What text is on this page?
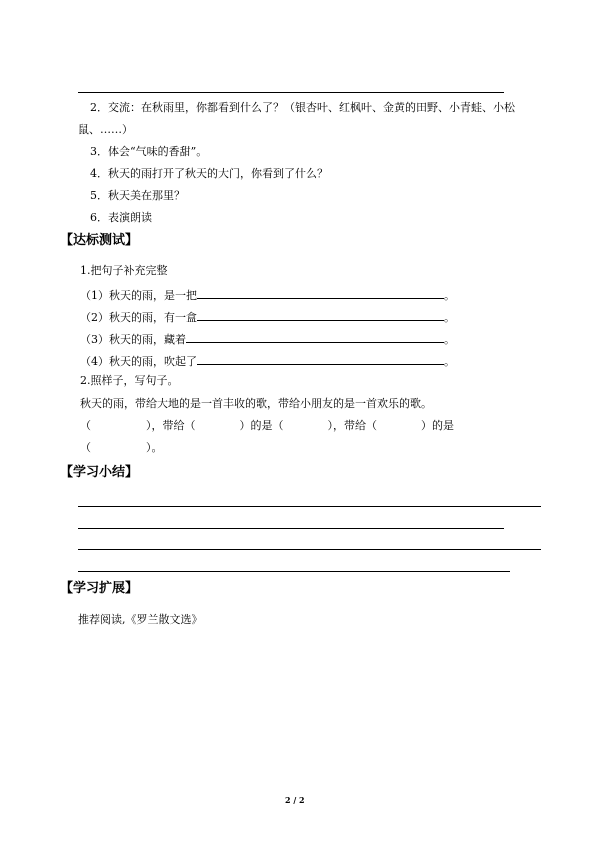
2．交流：在秋雨里，你都看到什么了？（银杏叶、红枫叶、金黄的田野、小青蛙、小松
鼠、……）
3．体会“气味的香甜”。
4．秋天的雨打开了秋天的大门，你看到了什么？
5．秋天美在那里？
6．表演朗读
【达标测试】
1.把句子补充完整
（1）秋天的雨，是一把	。
（2）秋天的雨，有一盒	。
（3）秋天的雨，藏着	。
（4）秋天的雨，吹起了	。
2.照样子，写句子。
秋天的雨，带给大地的是一首丰收的歌，带给小朋友的是一首欢乐的歌。
（　　　　　），带给（　　　　）的是（　　　　），带给（　　　　）的是
（　　　　　）。
【学习小结】
【学习扩展】
推荐阅读,《罗兰散文选》
2 / 2
